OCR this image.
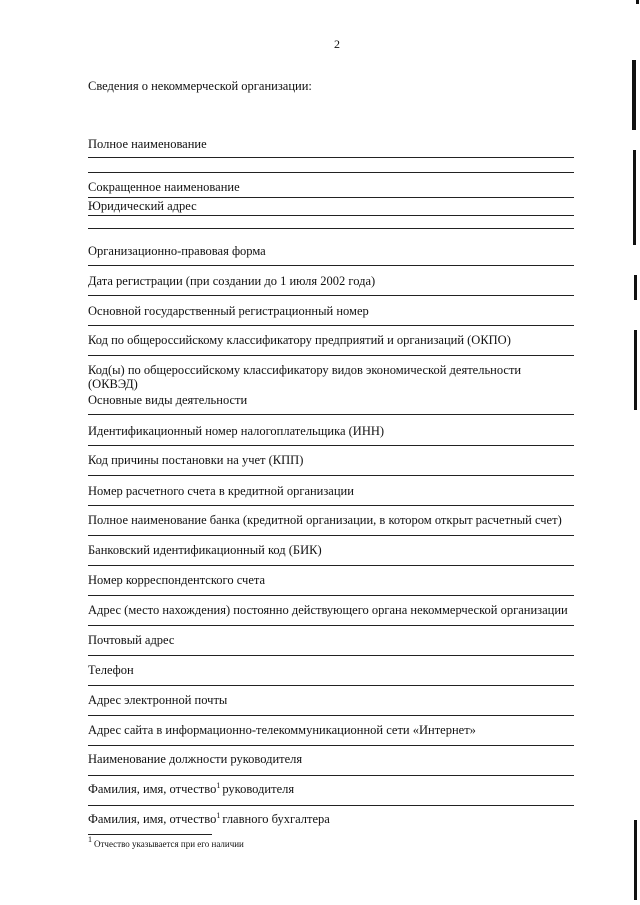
2
Сведения о некоммерческой организации:
Полное наименование
Сокращенное наименование
Юридический адрес
Организационно-правовая форма
Дата регистрации (при создании до 1 июля 2002 года)
Основной государственный регистрационный номер
Код по общероссийскому классификатору предприятий и организаций (ОКПО)
Код(ы) по общероссийскому классификатору видов экономической деятельности
(ОКВЭД)
Основные виды деятельности
Идентификационный номер налогоплательщика (ИНН)
Код причины постановки на учет (КПП)
Номер расчетного счета в кредитной организации
Полное наименование банка (кредитной организации, в котором открыт расчетный счет)
Банковский идентификационный код (БИК)
Номер корреспондентского счета
Адрес (место нахождения) постоянно действующего органа некоммерческой организации
Почтовый адрес
Телефон
Адрес электронной почты
Адрес сайта в информационно-телекоммуникационной сети «Интернет»
Наименование должности руководителя
Фамилия, имя, отчество$^1$ руководителя
Фамилия, имя, отчество$^1$ главного бухгалтера
1 Отчество указывается при его наличии
